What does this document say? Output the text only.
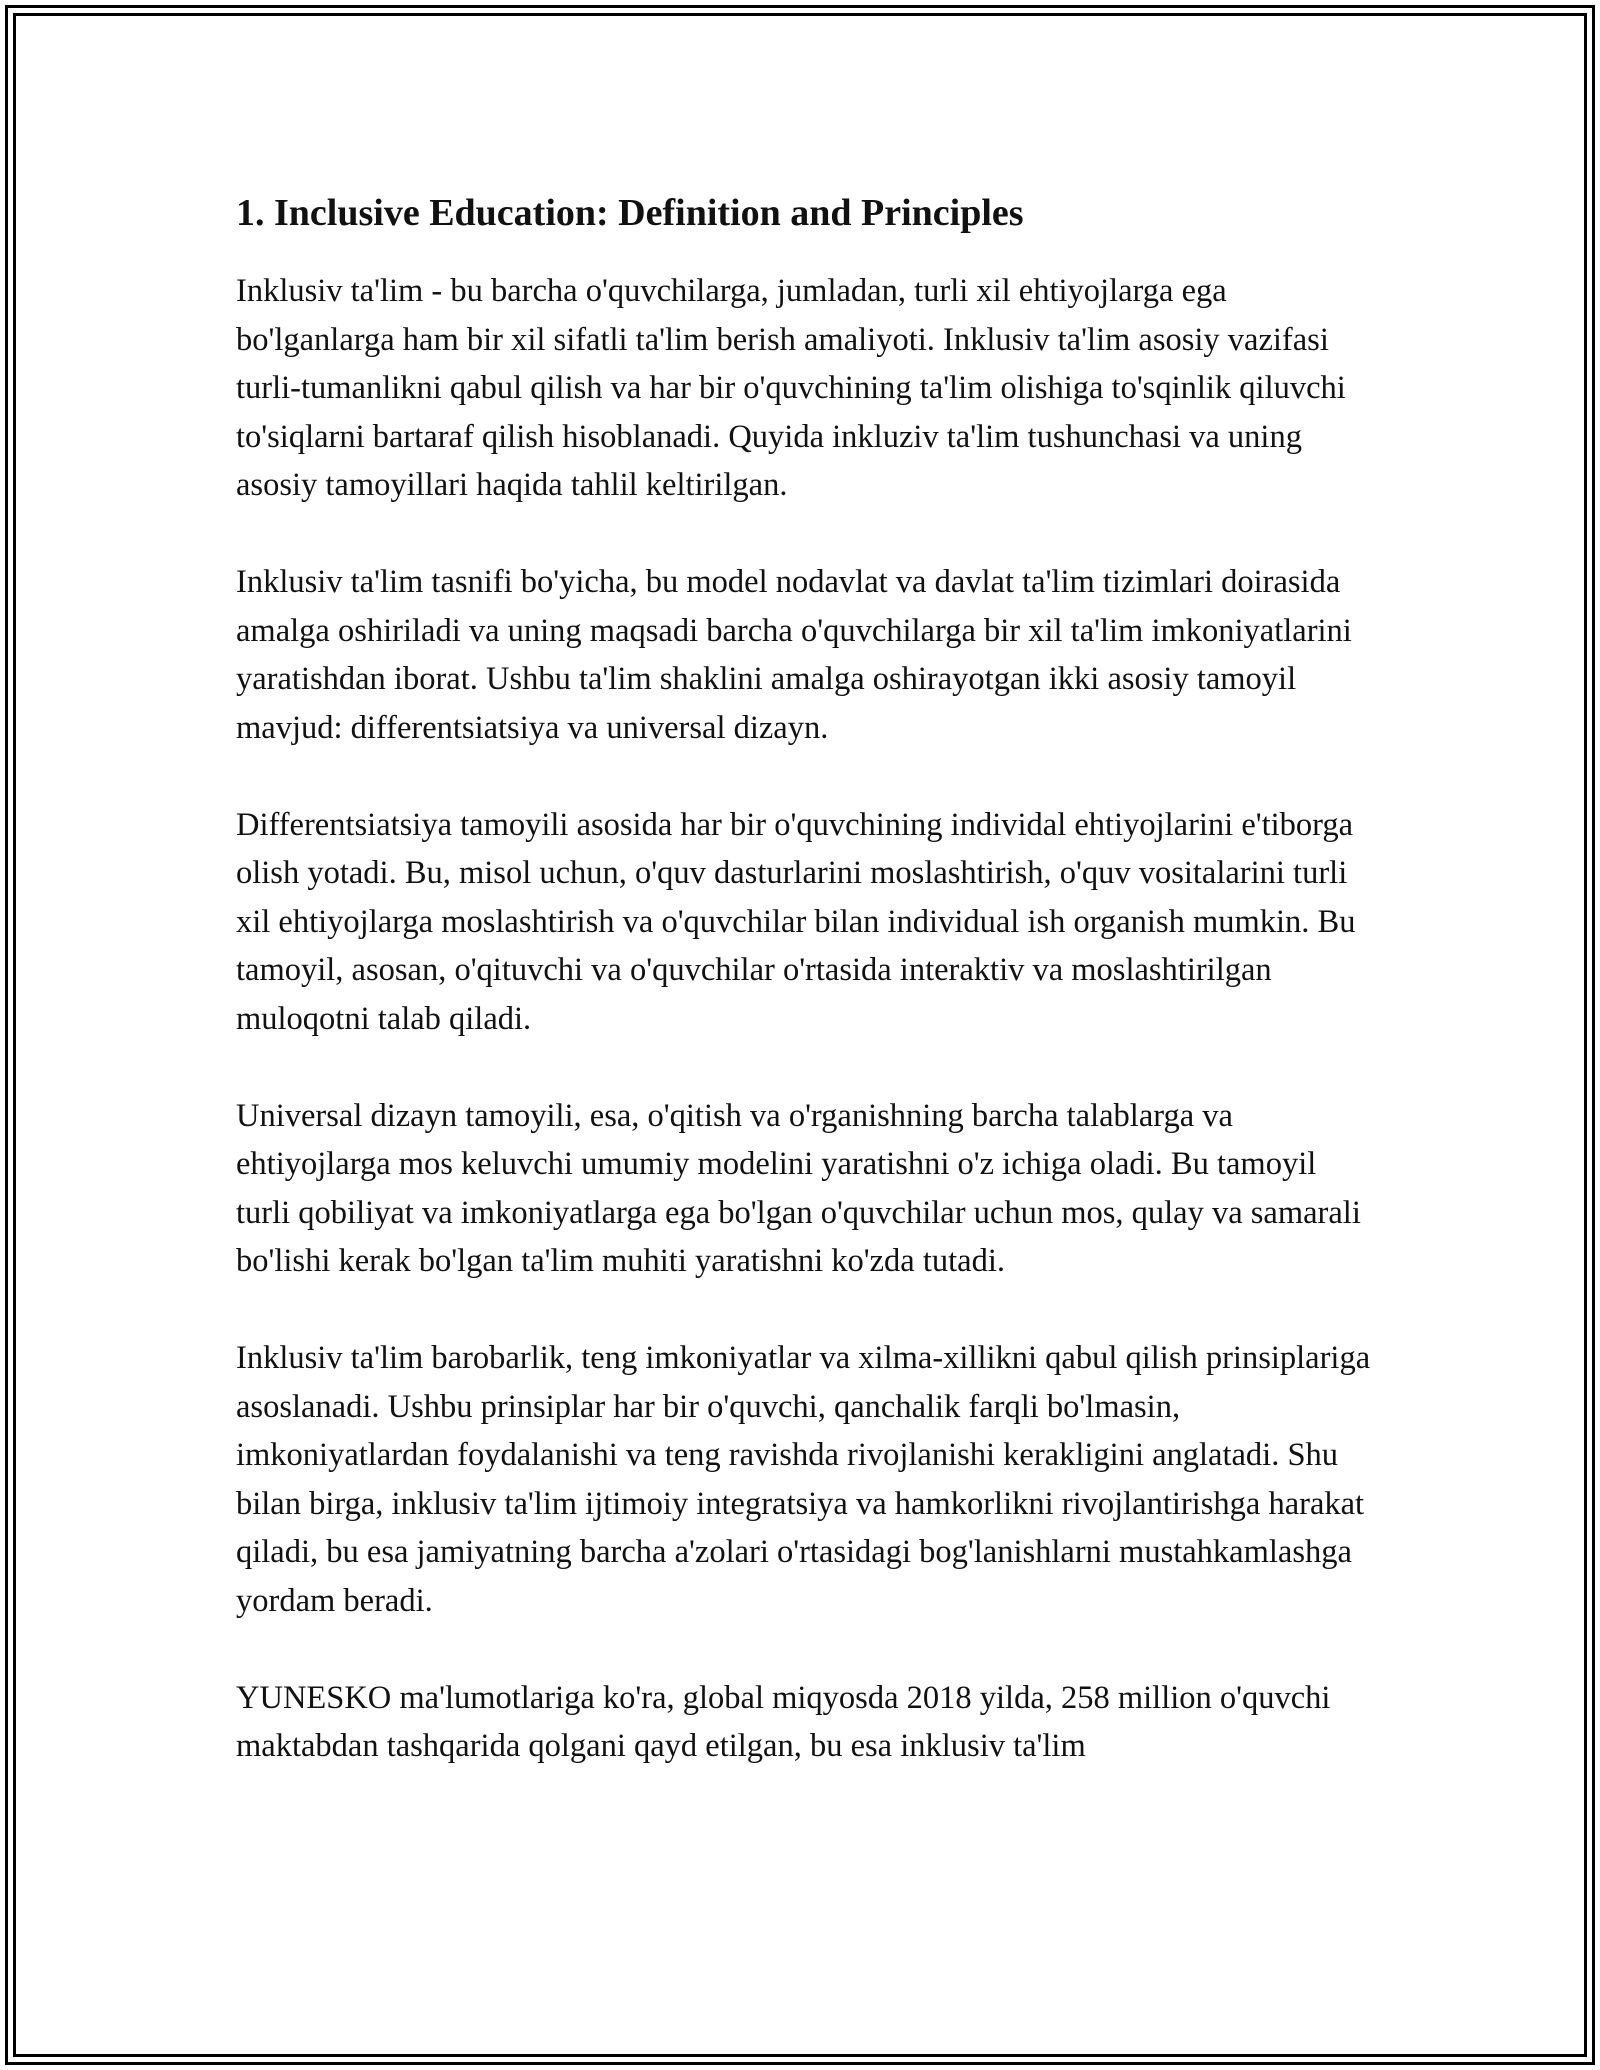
1. Inclusive Education: Definition and Principles

Inklusiv ta'lim - bu barcha o'quvchilarga, jumladan, turli xil ehtiyojlarga ega bo'lganlarga ham bir xil sifatli ta'lim berish amaliyoti. Inklusiv ta'lim asosiy vazifasi turli-tumanlikni qabul qilish va har bir o'quvchining ta'lim olishiga to'sqinlik qiluvchi to'siqlarni bartaraf qilish hisoblanadi. Quyida inkluziv ta'lim tushunchasi va uning asosiy tamoyillari haqida tahlil keltirilgan.

Inklusiv ta'lim tasnifi bo'yicha, bu model nodavlat va davlat ta'lim tizimlari doirasida amalga oshiriladi va uning maqsadi barcha o'quvchilarga bir xil ta'lim imkoniyatlarini yaratishdan iborat. Ushbu ta'lim shaklini amalga oshirayotgan ikki asosiy tamoyil mavjud: differentsiatsiya va universal dizayn.

Differentsiatsiya tamoyili asosida har bir o'quvchining individal ehtiyojlarini e'tiborga olish yotadi. Bu, misol uchun, o'quv dasturlarini moslashtirish, o'quv vositalarini turli xil ehtiyojlarga moslashtirish va o'quvchilar bilan individual ish organish mumkin. Bu tamoyil, asosan, o'qituvchi va o'quvchilar o'rtasida interaktiv va moslashtirilgan muloqotni talab qiladi.

Universal dizayn tamoyili, esa, o'qitish va o'rganishning barcha talablarga va ehtiyojlarga mos keluvchi umumiy modelini yaratishni o'z ichiga oladi. Bu tamoyil turli qobiliyat va imkoniyatlarga ega bo'lgan o'quvchilar uchun mos, qulay va samarali bo'lishi kerak bo'lgan ta'lim muhiti yaratishni ko'zda tutadi.

Inklusiv ta'lim barobarlik, teng imkoniyatlar va xilma-xillikni qabul qilish prinsiplariga asoslanadi. Ushbu prinsiplar har bir o'quvchi, qanchalik farqli bo'lmasin, imkoniyatlardan foydalanishi va teng ravishda rivojlanishi kerakligini anglatadi. Shu bilan birga, inklusiv ta'lim ijtimoiy integratsiya va hamkorlikni rivojlantirishga harakat qiladi, bu esa jamiyatning barcha a'zolari o'rtasidagi bog'lanishlarni mustahkamlashga yordam beradi.

YUNESKO ma'lumotlariga ko'ra, global miqyosda 2018 yilda, 258 million o'quvchi maktabdan tashqarida qolgani qayd etilgan, bu esa inklusiv ta'lim
